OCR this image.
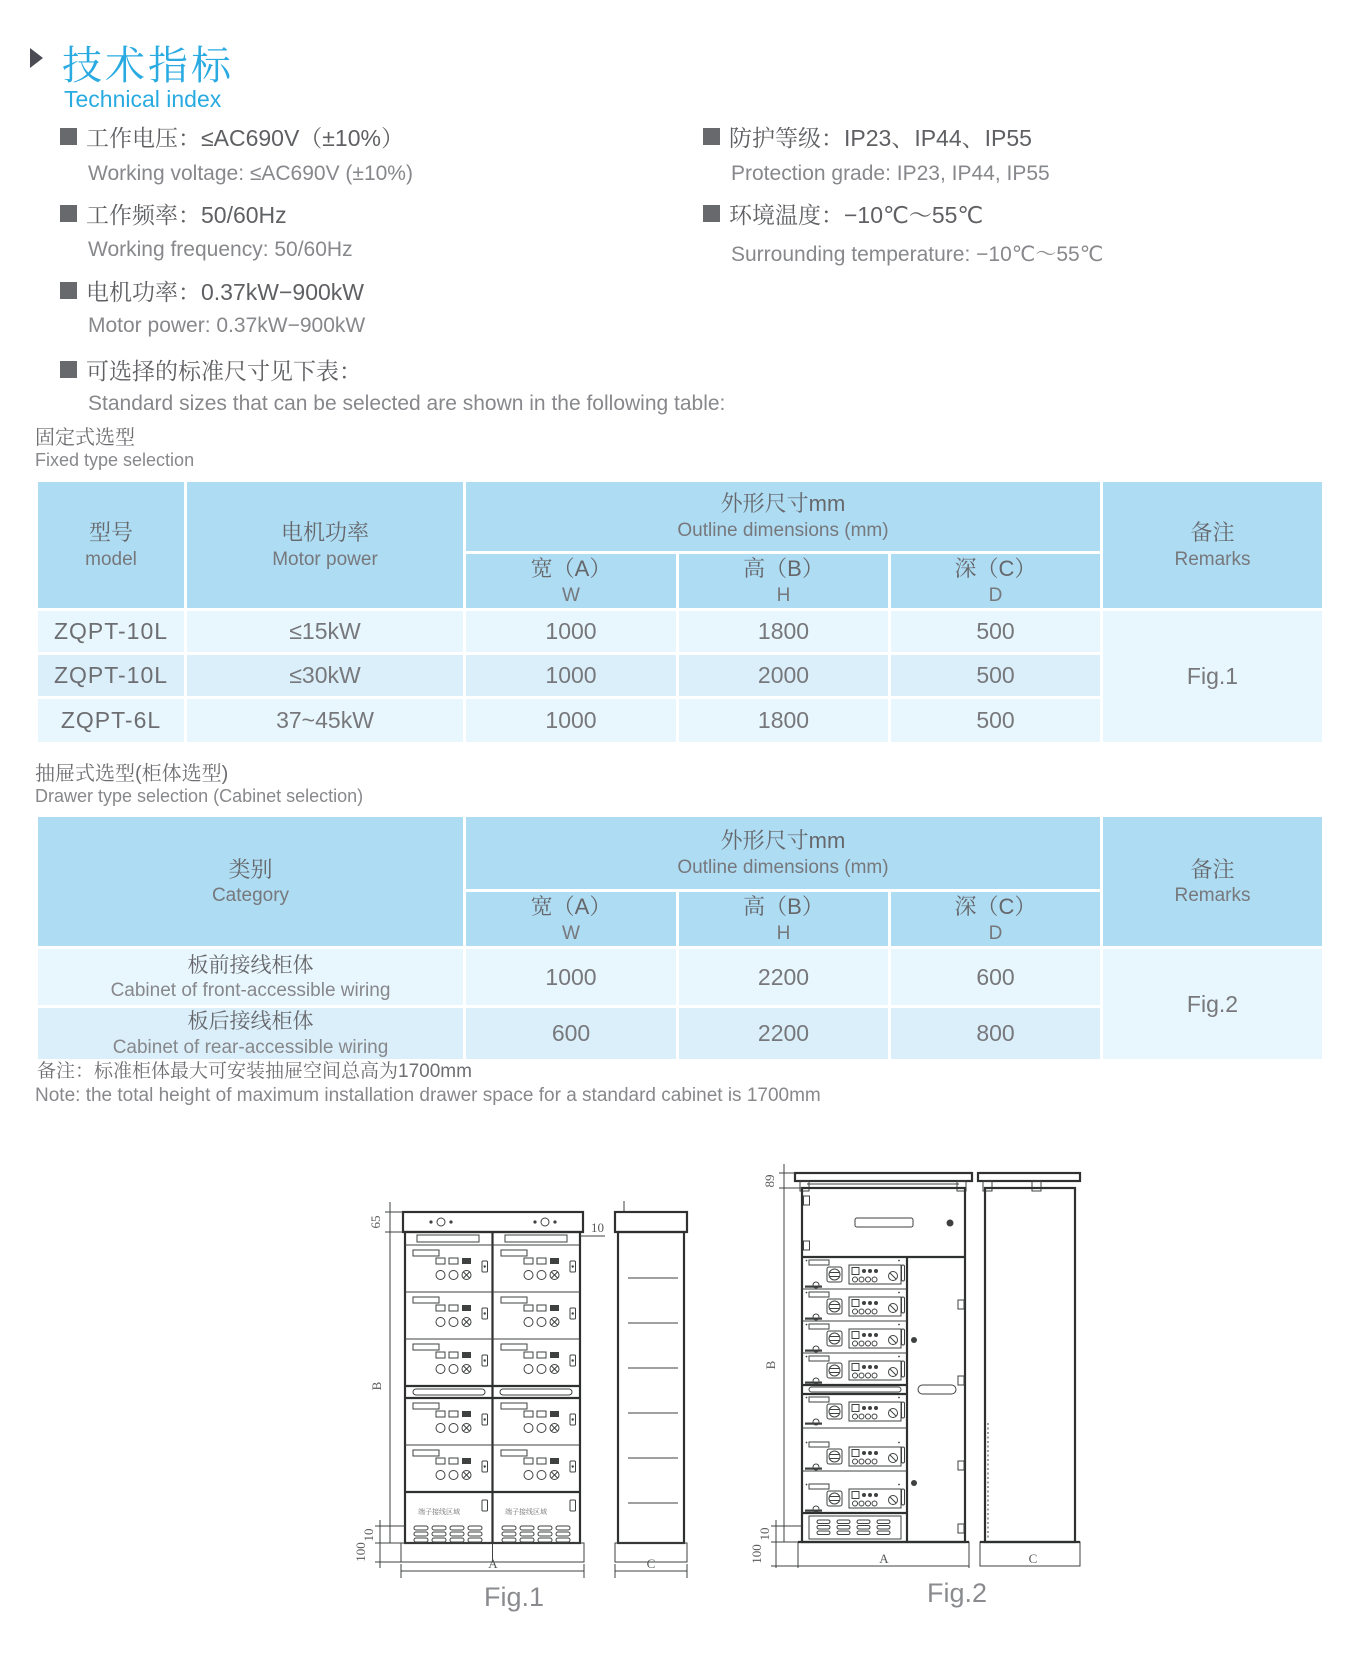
技术指标
Technical index
工作电压：≤AC690V（±10%）
Working voltage: ≤AC690V (±10%)
工作频率：50/60Hz
Working frequency: 50/60Hz
电机功率：0.37kW−900kW
Motor power: 0.37kW−900kW
可选择的标准尺寸见下表：
Standard sizes that can be selected are shown in the following table:
防护等级：IP23、IP44、IP55
Protection grade: IP23, IP44, IP55
环境温度：−10℃～55℃
Surrounding temperature: −10℃～55℃
固定式选型
Fixed type selection
型号
model

电机功率
Motor power

外形尺寸mm
Outline dimensions (mm)	备注
Remarks

宽（A）
W

高（B）
H

深（C）
D

ZQPT-10L	≤15kW	1000	1800	500	Fig.1
ZQPT-10L	≤30kW	1000	2000	500	
ZQPT-6L	37~45kW	1000	1800	500	
抽屉式选型(柜体选型)
Drawer type selection (Cabinet selection)
类别
Category

外形尺寸mm
Outline dimensions (mm)	备注
Remarks

宽（A）
W

高（B）
H

深（C）
D

板前接线柜体
Cabinet of front-accessible wiring	1000	2200	600	Fig.2

板后接线柜体
Cabinet of rear-accessible wiring	600	2200	800	
备注：标准柜体最大可安装抽屉空间总高为1700mm
Note: the total height of maximum installation drawer space for a standard cabinet is 1700mm
端子接线区域	端子接线区域
65	10
B
10
100
A	C
Fig.1
89
B
10
100	A	C
Fig.2
